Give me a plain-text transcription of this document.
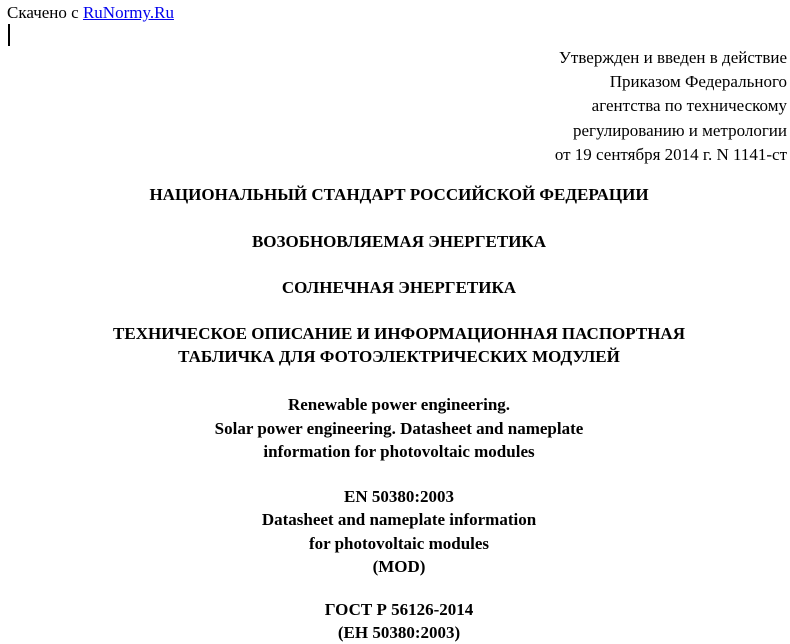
Скачено с RuNormy.Ru
Утвержден и введен в действие
Приказом Федерального
агентства по техническому
регулированию и метрологии
от 19 сентября 2014 г. N 1141-ст
НАЦИОНАЛЬНЫЙ СТАНДАРТ РОССИЙСКОЙ ФЕДЕРАЦИИ
ВОЗОБНОВЛЯЕМАЯ ЭНЕРГЕТИКА
СОЛНЕЧНАЯ ЭНЕРГЕТИКА
ТЕХНИЧЕСКОЕ ОПИСАНИЕ И ИНФОРМАЦИОННАЯ ПАСПОРТНАЯ
ТАБЛИЧКА ДЛЯ ФОТОЭЛЕКТРИЧЕСКИХ МОДУЛЕЙ
Renewable power engineering.
Solar power engineering. Datasheet and nameplate
information for photovoltaic modules
EN 50380:2003
Datasheet and nameplate information
for photovoltaic modules
(MOD)
ГОСТ Р 56126-2014
(ЕН 50380:2003)
